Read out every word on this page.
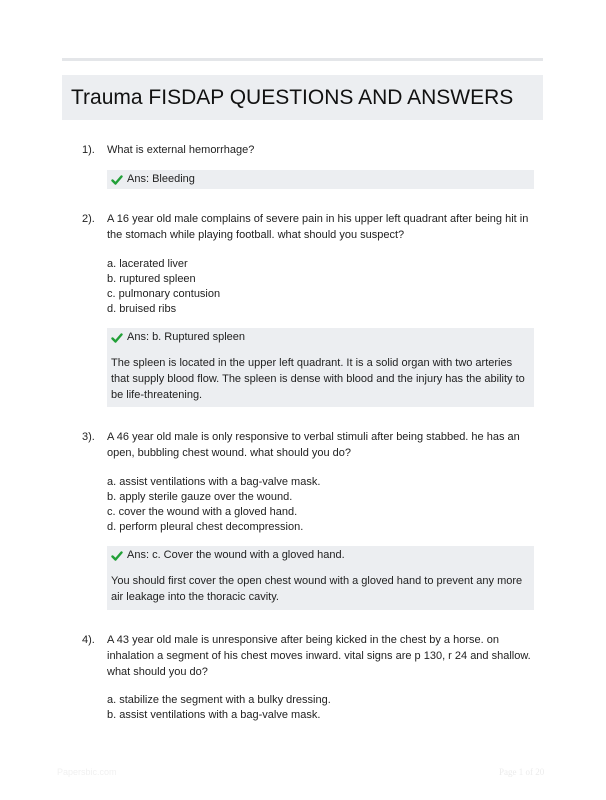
Trauma FISDAP QUESTIONS AND ANSWERS
1). What is external hemorrhage?
Ans: Bleeding
2). A 16 year old male complains of severe pain in his upper left quadrant after being hit in the stomach while playing football. what should you suspect?
a. lacerated liver
b. ruptured spleen
c. pulmonary contusion
d. bruised ribs
Ans: b. Ruptured spleen
The spleen is located in the upper left quadrant. It is a solid organ with two arteries that supply blood flow. The spleen is dense with blood and the injury has the ability to be life-threatening.
3). A 46 year old male is only responsive to verbal stimuli after being stabbed. he has an open, bubbling chest wound. what should you do?
a. assist ventilations with a bag-valve mask.
b. apply sterile gauze over the wound.
c. cover the wound with a gloved hand.
d. perform pleural chest decompression.
Ans: c. Cover the wound with a gloved hand.
You should first cover the open chest wound with a gloved hand to prevent any more air leakage into the thoracic cavity.
4). A 43 year old male is unresponsive after being kicked in the chest by a horse. on inhalation a segment of his chest moves inward. vital signs are p 130, r 24 and shallow. what should you do?
a. stabilize the segment with a bulky dressing.
b. assist ventilations with a bag-valve mask.
Papersbic.com	Page 1 of 20
